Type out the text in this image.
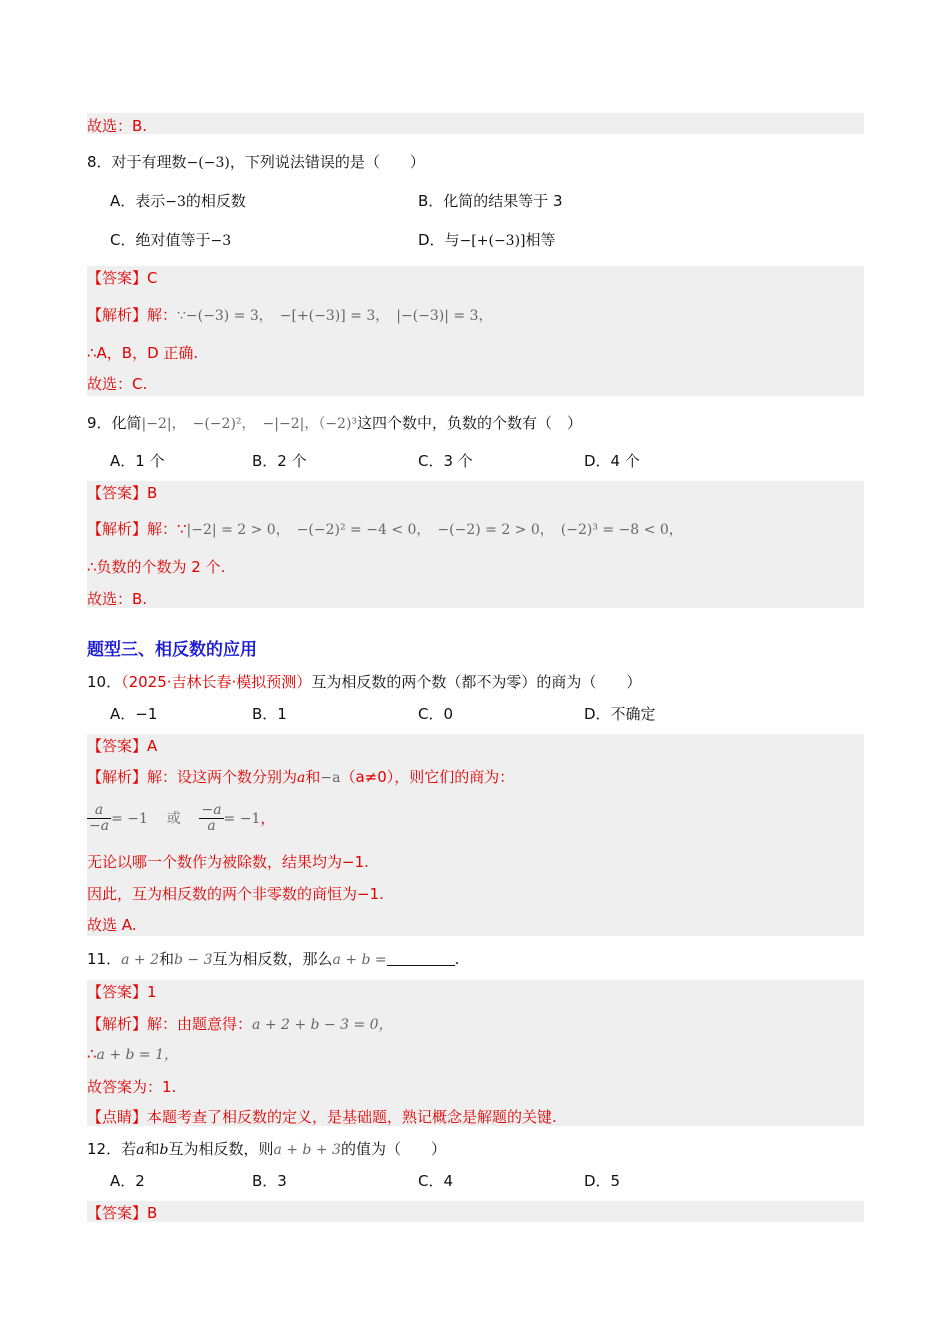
故选：B.
8．对于有理数−(−3)，下列说法错误的是（　　）
A．表示−3的相反数	B．化简的结果等于 3
C．绝对值等于−3	D．与−[+(−3)]相等
【答案】C
【解析】解：∵−(−3) = 3，　−[+(−3)] = 3，　|−(−3)| = 3，
∴A，B，D 正确.
故选：C.
9．化简|−2|，　−(−2)²，　−|−2|，（−2)³这四个数中，负数的个数有（　）
A．1 个	B．2 个	C．3 个	D．4 个
【答案】B
【解析】解：∵|−2| = 2 > 0，　−(−2)² = −4 < 0，　−(−2) = 2 > 0，　(−2)³ = −8 < 0，
∴负数的个数为 2 个.
故选：B.
题型三、相反数的应用
10．（2025·吉林长春·模拟预测）互为相反数的两个数（都不为零）的商为（　　）
A．−1	B．1	C．0	D．不确定
【答案】A
【解析】解：设这两个数分别为a和−a（a≠0），则它们的商为：
$\frac{a}{-a} = -1$ 或 $\frac{-a}{a} = -1$，
无论以哪一个数作为被除数，结果均为−1.
因此，互为相反数的两个非零数的商恒为−1.
故选 A.
11．a + 2和b − 3互为相反数，那么a + b =	.
【答案】1
【解析】解：由题意得：a + 2 + b − 3 = 0，
∴a + b = 1，
故答案为：1.
【点睛】本题考查了相反数的定义，是基础题，熟记概念是解题的关键.
12．若a和b互为相反数，则a + b + 3的值为（　　）
A．2	B．3	C．4	D．5
【答案】B
